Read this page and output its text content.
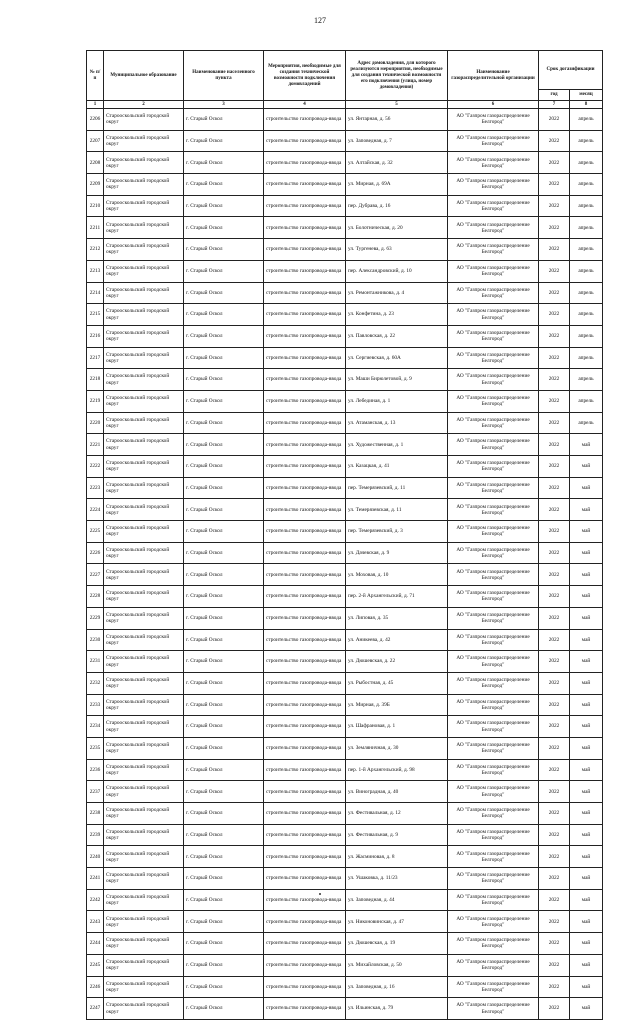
127
№ п/п	Муниципальное образование	Наименование населенного пункта	Мероприятия, необходимые для создания технической возможности подключения домовладений	Адрес домовладения, для которого реализуются мероприятия, необходимые для создания технической возможности его подключения (улица, номер домовладения)	Наименование газораспределительной организации	Срок догазификации	
						год	месяц
1	2	3	4	5	6	7	8
2206	Старооскольский городской округ	г. Старый Оскол	строительство газопровода-ввода	ул. Янтарная, д. 56	АО "Газпром газораспределение Белгород"	2022	апрель
2207	Старооскольский городской округ	г. Старый Оскол	строительство газопровода-ввода	ул. Заповедная, д. 7	АО "Газпром газораспределение Белгород"	2022	апрель
2208	Старооскольский городской округ	г. Старый Оскол	строительство газопровода-ввода	ул. Алтайская, д. 32	АО "Газпром газораспределение Белгород"	2022	апрель
2209	Старооскольский городской округ	г. Старый Оскол	строительство газопровода-ввода	ул. Мирная, д. 69А	АО "Газпром газораспределение Белгород"	2022	апрель
2210	Старооскольский городской округ	г. Старый Оскол	строительство газопровода-ввода	пер. Дубрава, д. 16	АО "Газпром газораспределение Белгород"	2022	апрель
2211	Старооскольский городской округ	г. Старый Оскол	строительство газопровода-ввода	ул. Болотническая, д. 20	АО "Газпром газораспределение Белгород"	2022	апрель
2212	Старооскольский городской округ	г. Старый Оскол	строительство газопровода-ввода	ул. Тургенева, д. 63	АО "Газпром газораспределение Белгород"	2022	апрель
2213	Старооскольский городской округ	г. Старый Оскол	строительство газопровода-ввода	пер. Александровский, д. 10	АО "Газпром газораспределение Белгород"	2022	апрель
2214	Старооскольский городской округ	г. Старый Оскол	строительство газопровода-ввода	ул. Ремонтажникова, д. 4	АО "Газпром газораспределение Белгород"	2022	апрель
2215	Старооскольский городской округ	г. Старый Оскол	строительство газопровода-ввода	ул. Конфетина, д. 23	АО "Газпром газораспределение Белгород"	2022	апрель
2216	Старооскольский городской округ	г. Старый Оскол	строительство газопровода-ввода	ул. Павловская, д. 22	АО "Газпром газораспределение Белгород"	2022	апрель
2217	Старооскольский городской округ	г. Старый Оскол	строительство газопровода-ввода	ул. Сергиевская, д. 60А	АО "Газпром газораспределение Белгород"	2022	апрель
2218	Старооскольский городской округ	г. Старый Оскол	строительство газопровода-ввода	ул. Маши Бирюлетовой, д. 9	АО "Газпром газораспределение Белгород"	2022	апрель
2219	Старооскольский городской округ	г. Старый Оскол	строительство газопровода-ввода	ул. Лебединая, д. 1	АО "Газпром газораспределение Белгород"	2022	апрель
2220	Старооскольский городской округ	г. Старый Оскол	строительство газопровода-ввода	ул. Атаманская, д. 13	АО "Газпром газораспределение Белгород"	2022	апрель
2221	Старооскольский городской округ	г. Старый Оскол	строительство газопровода-ввода	ул. Художественная, д. 1	АО "Газпром газораспределение Белгород"	2022	май
2222	Старооскольский городской округ	г. Старый Оскол	строительство газопровода-ввода	ул. Казацкая, д. 41	АО "Газпром газораспределение Белгород"	2022	май
2223	Старооскольский городской округ	г. Старый Оскол	строительство газопровода-ввода	пер. Темерязевский, д. 11	АО "Газпром газораспределение Белгород"	2022	май
2224	Старооскольский городской округ	г. Старый Оскол	строительство газопровода-ввода	ул. Темерязевская, д. 11	АО "Газпром газораспределение Белгород"	2022	май
2225	Старооскольский городской округ	г. Старый Оскол	строительство газопровода-ввода	пер. Темерязевский, д. 3	АО "Газпром газораспределение Белгород"	2022	май
2226	Старооскольский городской округ	г. Старый Оскол	строительство газопровода-ввода	ул. Дачевская, д. 9	АО "Газпром газораспределение Белгород"	2022	май
2227	Старооскольский городской округ	г. Старый Оскол	строительство газопровода-ввода	ул. Моховая, д. 10	АО "Газпром газораспределение Белгород"	2022	май
2228	Старооскольский городской округ	г. Старый Оскол	строительство газопровода-ввода	пер. 2-й Архангельский, д. 71	АО "Газпром газораспределение Белгород"	2022	май
2229	Старооскольский городской округ	г. Старый Оскол	строительство газопровода-ввода	ул. Липовая, д. 35	АО "Газпром газораспределение Белгород"	2022	май
2230	Старооскольский городской округ	г. Старый Оскол	строительство газопровода-ввода	ул. Аникеева, д. 42	АО "Газпром газораспределение Белгород"	2022	май
2231	Старооскольский городской округ	г. Старый Оскол	строительство газопровода-ввода	ул. Дюшевская, д. 22	АО "Газпром газораспределение Белгород"	2022	май
2232	Старооскольский городской округ	г. Старый Оскол	строительство газопровода-ввода	ул. Рыбостная, д. 45	АО "Газпром газораспределение Белгород"	2022	май
2233	Старооскольский городской округ	г. Старый Оскол	строительство газопровода-ввода	ул. Мирная, д. 39Б	АО "Газпром газораспределение Белгород"	2022	май
2234	Старооскольский городской округ	г. Старый Оскол	строительство газопровода-ввода	ул. Шафрановая, д. 1	АО "Газпром газораспределение Белгород"	2022	май
2235	Старооскольский городской округ	г. Старый Оскол	строительство газопровода-ввода	ул. Земляничная, д. 30	АО "Газпром газораспределение Белгород"	2022	май
2236	Старооскольский городской округ	г. Старый Оскол	строительство газопровода-ввода	пер. 1-й Архангельский, д. 98	АО "Газпром газораспределение Белгород"	2022	май
2237	Старооскольский городской округ	г. Старый Оскол	строительство газопровода-ввода	ул. Виноградная, д. 40	АО "Газпром газораспределение Белгород"	2022	май
2238	Старооскольский городской округ	г. Старый Оскол	строительство газопровода-ввода	ул. Фестивальная, д. 12	АО "Газпром газораспределение Белгород"	2022	май
2239	Старооскольский городской округ	г. Старый Оскол	строительство газопровода-ввода	ул. Фестивальная, д. 9	АО "Газпром газораспределение Белгород"	2022	май
2240	Старооскольский городской округ	г. Старый Оскол	строительство газопровода-ввода	ул. Жасминовая, д. 8	АО "Газпром газораспределение Белгород"	2022	май
2241	Старооскольский городской округ	г. Старый Оскол	строительство газопровода-ввода	ул. Ушаковка, д. 11/23	АО "Газпром газораспределение Белгород"	2022	май
2242	Старооскольский городской округ	г. Старый Оскол	строительство газопровода-ввода	ул. Заповедная, д. 44	АО "Газпром газораспределение Белгород"	2022	май
2243	Старооскольский городской округ	г. Старый Оскол	строительство газопровода-ввода	ул. Никоновинская, д. 47	АО "Газпром газораспределение Белгород"	2022	май
2244	Старооскольский городской округ	г. Старый Оскол	строительство газопровода-ввода	ул. Дюшевская, д. 19	АО "Газпром газораспределение Белгород"	2022	май
2245	Старооскольский городской округ	г. Старый Оскол	строительство газопровода-ввода	ул. Михайловская, д. 50	АО "Газпром газораспределение Белгород"	2022	май
2246	Старооскольский городской округ	г. Старый Оскол	строительство газопровода-ввода	ул. Заповедная, д. 16	АО "Газпром газораспределение Белгород"	2022	май
2247	Старооскольский городской округ	г. Старый Оскол	строительство газопровода-ввода	ул. Ильинская, д. 79	АО "Газпром газораспределение Белгород"	2022	май
